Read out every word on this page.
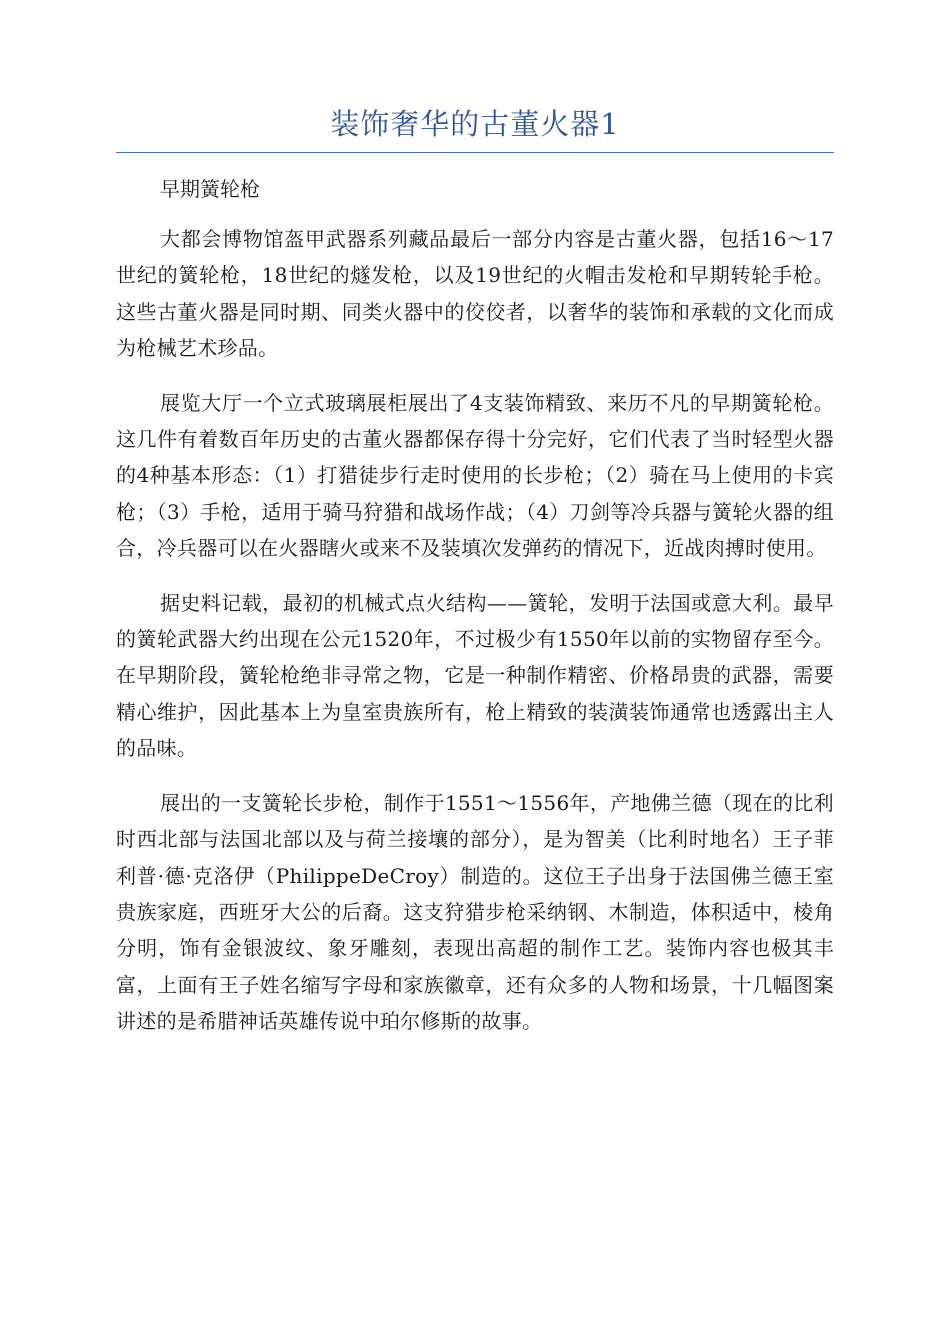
装饰奢华的古董火器1

早期簧轮枪

大都会博物馆盔甲武器系列藏品最后一部分内容是古董火器，包括16～17世纪的簧轮枪，18世纪的燧发枪，以及19世纪的火帽击发枪和早期转轮手枪。这些古董火器是同时期、同类火器中的佼佼者，以奢华的装饰和承载的文化而成为枪械艺术珍品。

展览大厅一个立式玻璃展柜展出了4支装饰精致、来历不凡的早期簧轮枪。这几件有着数百年历史的古董火器都保存得十分完好，它们代表了当时轻型火器的4种基本形态：（1）打猎徒步行走时使用的长步枪；（2）骑在马上使用的卡宾枪；（3）手枪，适用于骑马狩猎和战场作战；（4）刀剑等冷兵器与簧轮火器的组合，冷兵器可以在火器瞎火或来不及装填次发弹药的情况下，近战肉搏时使用。

据史料记载，最初的机械式点火结构——簧轮，发明于法国或意大利。最早的簧轮武器大约出现在公元1520年，不过极少有1550年以前的实物留存至今。在早期阶段，簧轮枪绝非寻常之物，它是一种制作精密、价格昂贵的武器，需要精心维护，因此基本上为皇室贵族所有，枪上精致的装潢装饰通常也透露出主人的品味。

展出的一支簧轮长步枪，制作于1551～1556年，产地佛兰德（现在的比利时西北部与法国北部以及与荷兰接壤的部分），是为智美（比利时地名）王子菲利普·德·克洛伊（PhilippeDeCroy）制造的。这位王子出身于法国佛兰德王室贵族家庭，西班牙大公的后裔。这支狩猎步枪采纳钢、木制造，体积适中，棱角分明，饰有金银波纹、象牙雕刻，表现出高超的制作工艺。装饰内容也极其丰富，上面有王子姓名缩写字母和家族徽章，还有众多的人物和场景，十几幅图案讲述的是希腊神话英雄传说中珀尔修斯的故事。
